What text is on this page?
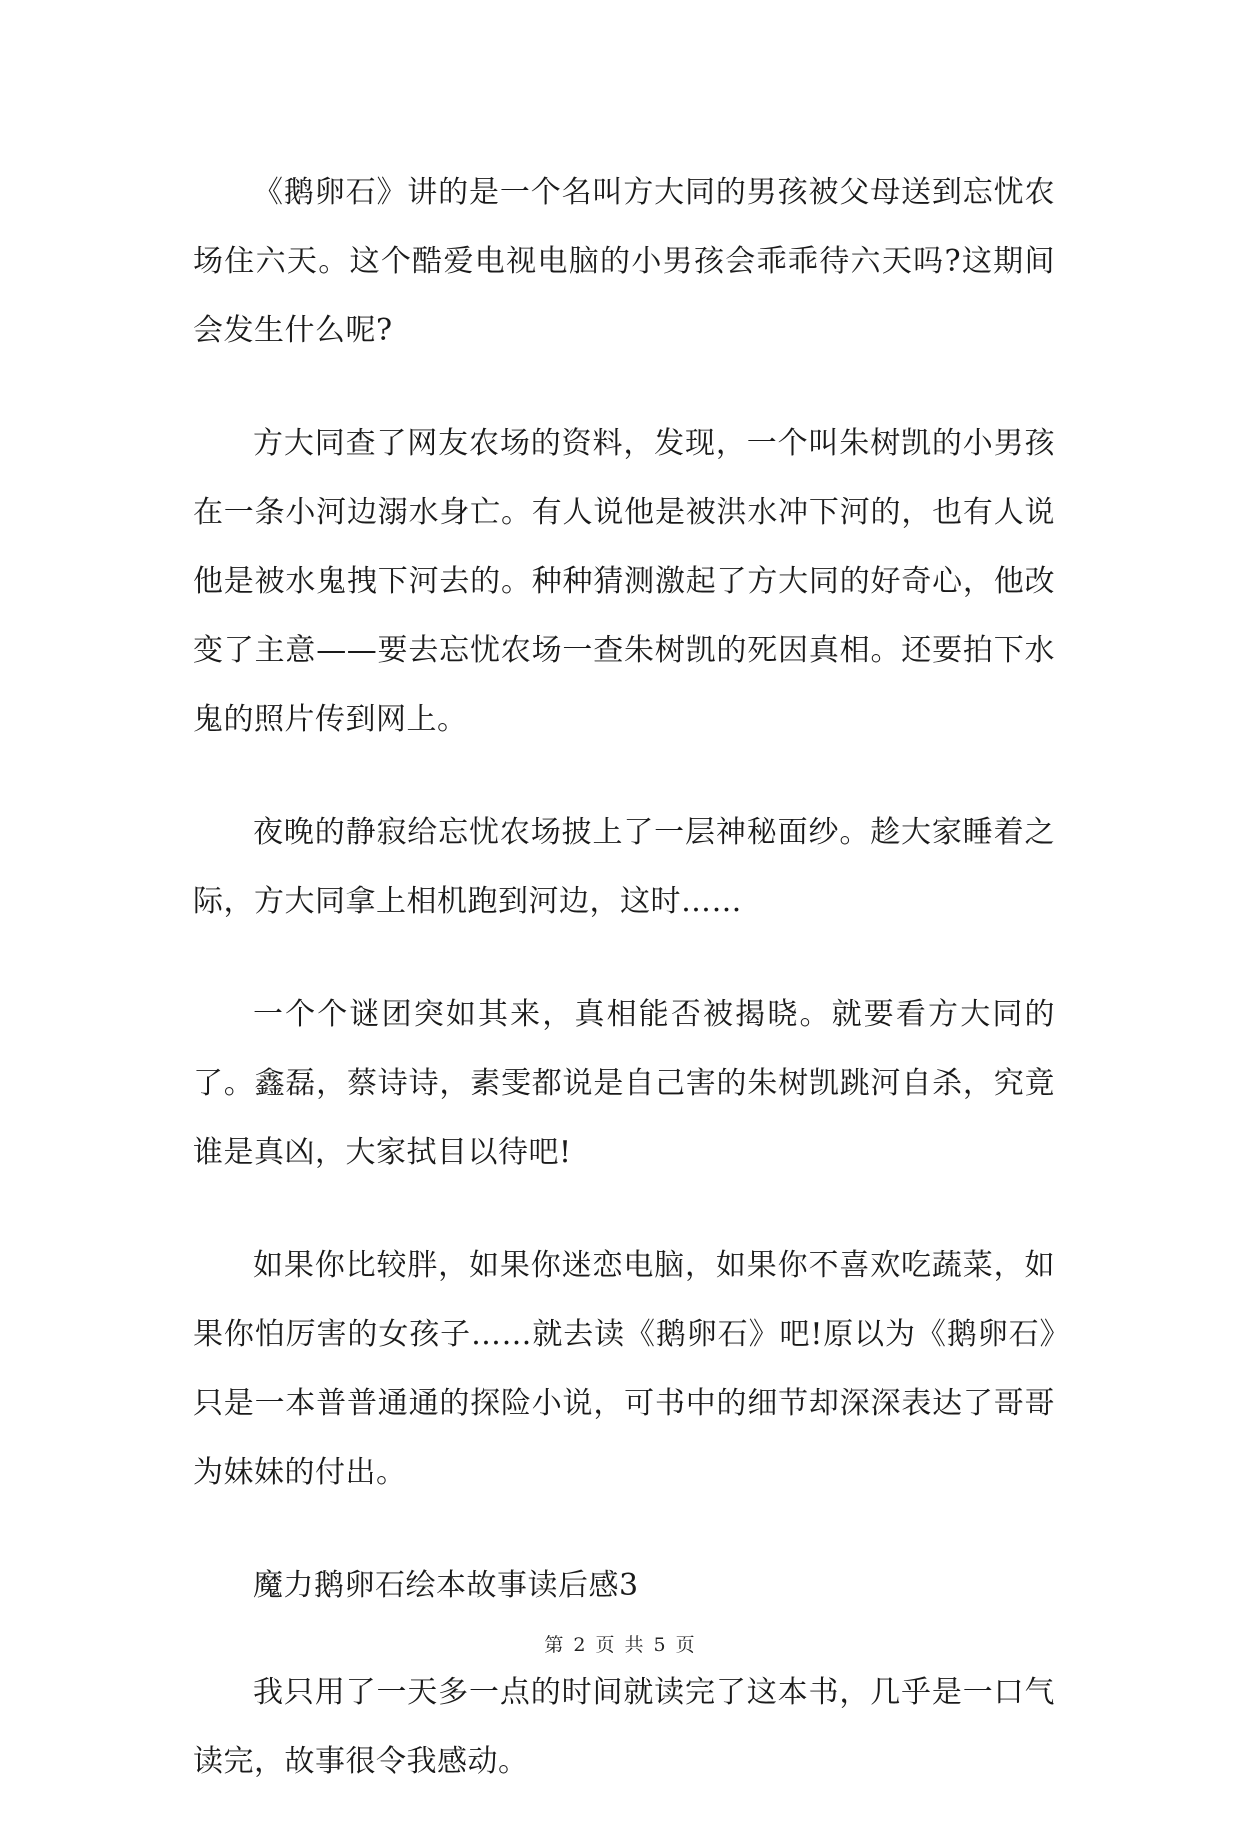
《鹅卵石》讲的是一个名叫方大同的男孩被父母送到忘忧农场住六天。这个酷爱电视电脑的小男孩会乖乖待六天吗?这期间会发生什么呢?

方大同查了网友农场的资料，发现，一个叫朱树凯的小男孩在一条小河边溺水身亡。有人说他是被洪水冲下河的，也有人说他是被水鬼拽下河去的。种种猜测激起了方大同的好奇心，他改变了主意——要去忘忧农场一查朱树凯的死因真相。还要拍下水鬼的照片传到网上。

夜晚的静寂给忘忧农场披上了一层神秘面纱。趁大家睡着之际，方大同拿上相机跑到河边，这时……

一个个谜团突如其来，真相能否被揭晓。就要看方大同的了。鑫磊，蔡诗诗，素雯都说是自己害的朱树凯跳河自杀，究竟谁是真凶，大家拭目以待吧!

如果你比较胖，如果你迷恋电脑，如果你不喜欢吃蔬菜，如果你怕厉害的女孩子……就去读《鹅卵石》吧!原以为《鹅卵石》只是一本普普通通的探险小说，可书中的细节却深深表达了哥哥为妹妹的付出。

魔力鹅卵石绘本故事读后感3

我只用了一天多一点的时间就读完了这本书，几乎是一口气读完，故事很令我感动。

第 2 页 共 5 页
